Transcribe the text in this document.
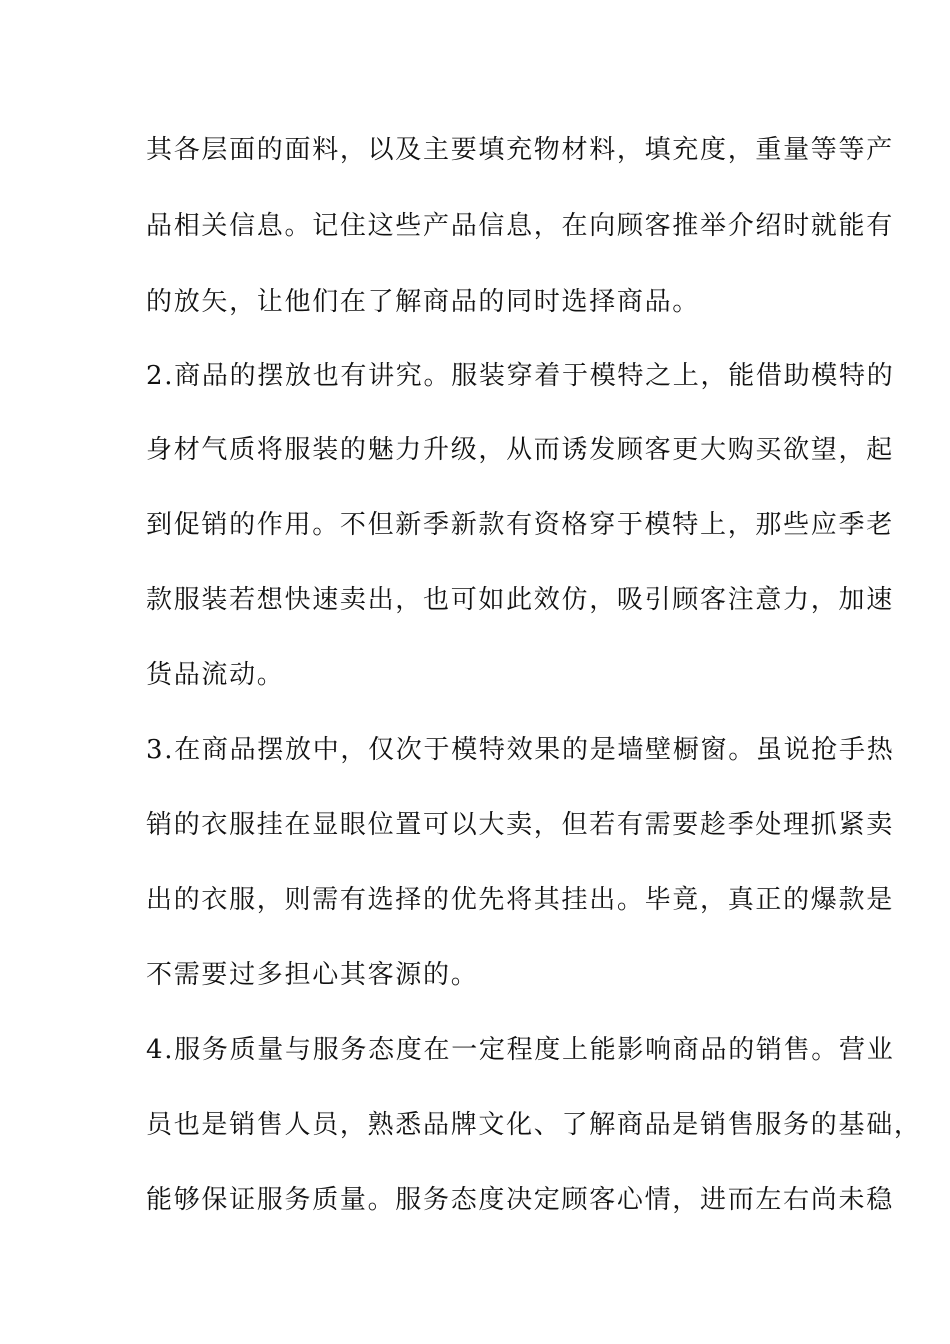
其各层面的面料，以及主要填充物材料，填充度，重量等等产
品相关信息。记住这些产品信息，在向顾客推举介绍时就能有
的放矢，让他们在了解商品的同时选择商品。
2.商品的摆放也有讲究。服装穿着于模特之上，能借助模特的
身材气质将服装的魅力升级，从而诱发顾客更大购买欲望，起
到促销的作用。不但新季新款有资格穿于模特上，那些应季老
款服装若想快速卖出，也可如此效仿，吸引顾客注意力，加速
货品流动。
3.在商品摆放中，仅次于模特效果的是墙壁橱窗。虽说抢手热
销的衣服挂在显眼位置可以大卖，但若有需要趁季处理抓紧卖
出的衣服，则需有选择的优先将其挂出。毕竟，真正的爆款是
不需要过多担心其客源的。
4.服务质量与服务态度在一定程度上能影响商品的销售。营业
员也是销售人员，熟悉品牌文化、了解商品是销售服务的基础，
能够保证服务质量。服务态度决定顾客心情，进而左右尚未稳
